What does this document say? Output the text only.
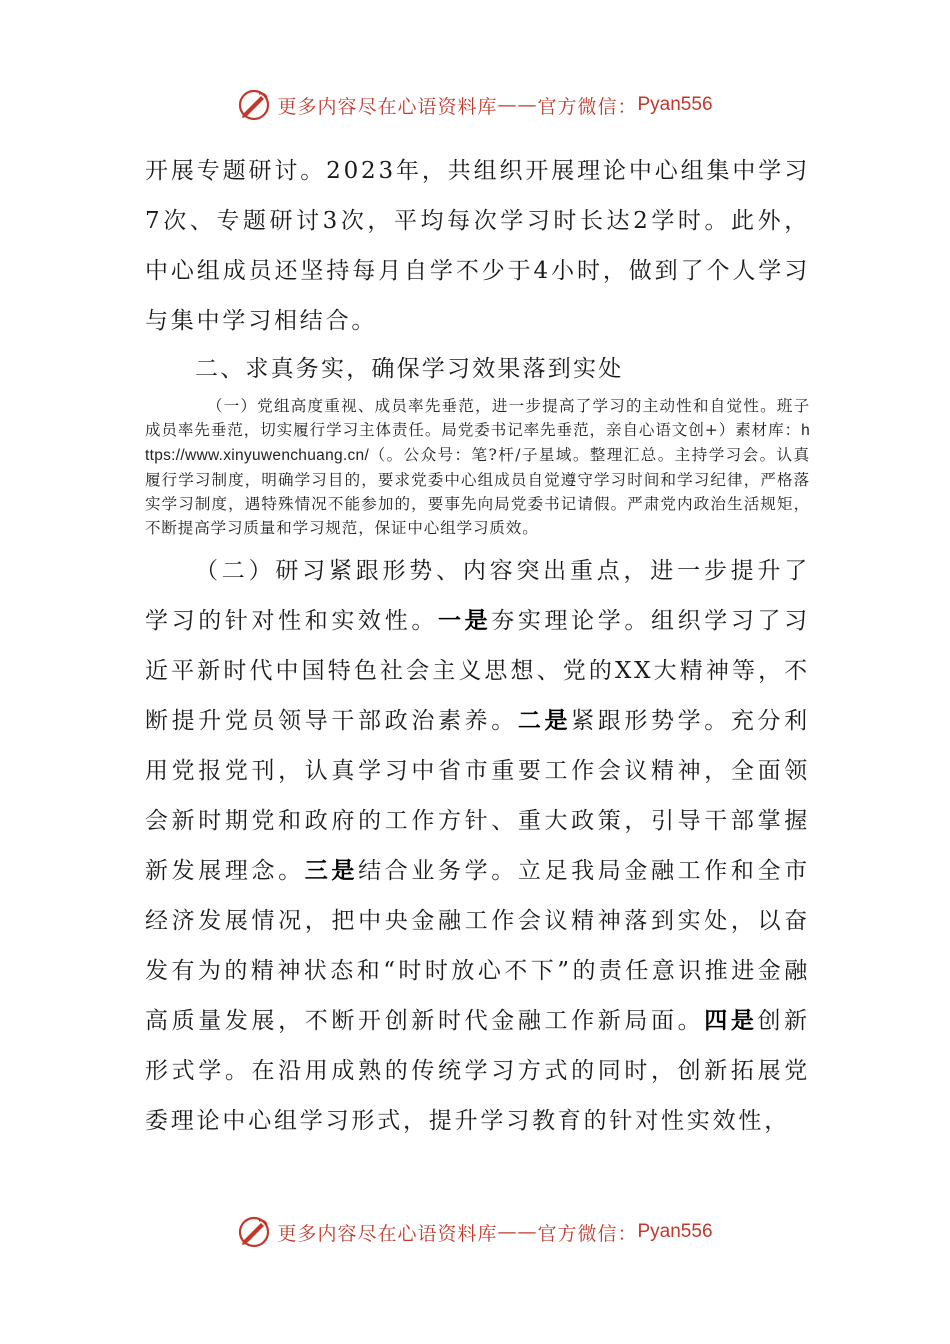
更多内容尽在心语资料库 —— 官方微信： Pyan556

开展专题研讨。2023年，共组织开展理论中心组集中学习7次、专题研讨3次，平均每次学习时长达2学时。此外，中心组成员还坚持每月自学不少于4小时，做到了个人学习与集中学习相结合。

二、求真务实，确保学习效果落到实处

（一）党组高度重视、成员率先垂范，进一步提高了学习的主动性和自觉性。班子成员率先垂范，切实履行学习主体责任。局党委书记率先垂范，亲自心语文创+）素材库：https://www.xinyuwenchuang.cn/（。公众号：笔?杆/子星域。整理汇总。主持学习会。认真履行学习制度，明确学习目的，要求党委中心组成员自觉遵守学习时间和学习纪律，严格落实学习制度，遇特殊情况不能参加的，要事先向局党委书记请假。严肃党内政治生活规矩，不断提高学习质量和学习规范，保证中心组学习质效。

（二）研习紧跟形势、内容突出重点，进一步提升了学习的针对性和实效性。一是夯实理论学。组织学习了习近平新时代中国特色社会主义思想、党的XX大精神等，不断提升党员领导干部政治素养。二是紧跟形势学。充分利用党报党刊，认真学习中省市重要工作会议精神，全面领会新时期党和政府的工作方针、重大政策，引导干部掌握新发展理念。三是结合业务学。立足我局金融工作和全市经济发展情况，把中央金融工作会议精神落到实处，以奋发有为的精神状态和“时时放心不下”的责任意识推进金融高质量发展，不断开创新时代金融工作新局面。四是创新形式学。在沿用成熟的传统学习方式的同时，创新拓展党委理论中心组学习形式，提升学习教育的针对性实效性，

更多内容尽在心语资料库 —— 官方微信： Pyan556
